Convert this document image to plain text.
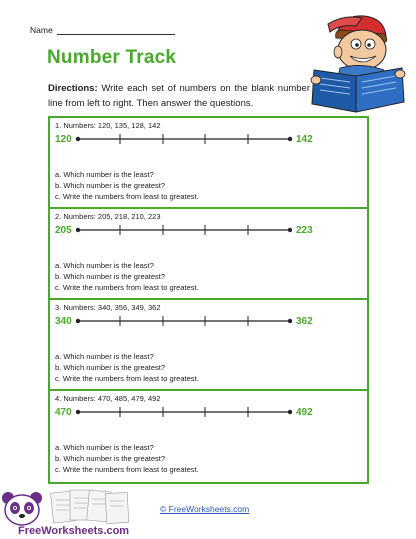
Name
Number Track
Directions: Write each set of numbers on the blank number line from left to right. Then answer the questions.
1. Numbers: 120, 135, 128, 142
120	142
a. Which number is the least?
b. Which number is the greatest?
c. Write the numbers from least to greatest.
2. Numbers: 205, 218, 210, 223
205	223
a. Which number is the least?
b. Which number is the greatest?
c. Write the numbers from least to greatest.
3. Numbers: 340, 356, 349, 362
340	362
a. Which number is the least?
b. Which number is the greatest?
c. Write the numbers from least to greatest.
4. Numbers: 470, 485, 479, 492
470	492
a. Which number is the least?
b. Which number is the greatest?
c. Write the numbers from least to greatest.
FreeWorksheets.com
© FreeWorksheets.com
